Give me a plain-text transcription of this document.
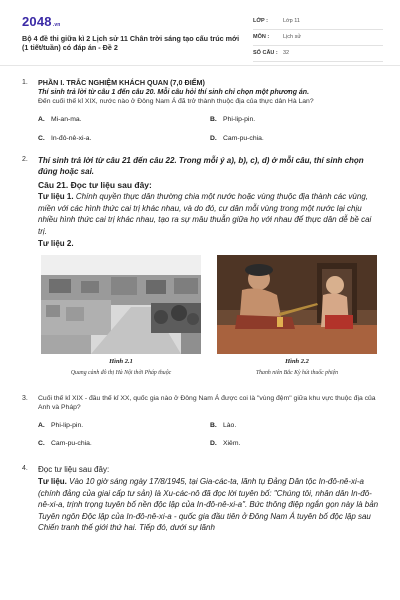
2048.vn
Bộ 4 đề thi giữa kì 2 Lịch sử 11 Chân trời sáng tạo cấu trúc mới (1 tiết/tuần) có đáp án - Đề 2
LỚP :	Lớp 11
MÔN :	Lịch sử
SỐ CÂU : 32
1. PHẦN I. TRẮC NGHIỆM KHÁCH QUAN (7,0 ĐIỂM)
Thí sinh trả lời từ câu 1 đến câu 20. Mỗi câu hỏi thí sinh chỉ chọn một phương án.
Đến cuối thế kỉ XIX, nước nào ở Đông Nam Á đã trở thành thuộc địa của thực dân Hà Lan?
A. Mi-an-ma.	B. Phi-lip-pin.
C. In-đô-nê-xi-a.	D. Cam-pu-chia.
2. Thí sinh trả lời từ câu 21 đến câu 22. Trong mỗi ý a), b), c), d) ở mỗi câu, thí sinh chọn đúng hoặc sai.
Câu 21. Đọc tư liệu sau đây:
Tư liệu 1. Chính quyền thực dân thường chia một nước hoặc vùng thuộc địa thành các vùng, miền với các hình thức cai trị khác nhau, và do đó, cư dân mỗi vùng trong một nước lại chịu nhiều hình thức cai trị khác nhau, tạo ra sự mâu thuẫn giữa họ với nhau để thực dân dễ bề cai trị.
Tư liệu 2.
Hình 2.1
Quang cảnh đô thị Hà Nội thời Pháp thuộc
Hình 2.2
Thanh niên Bắc Kỳ hút thuốc phiện
3. Cuối thế kỉ XIX - đầu thế kỉ XX, quốc gia nào ở Đông Nam Á được coi là "vùng đệm" giữa khu vực thuộc địa của Anh và Pháp?
A. Phi-lip-pin.	B. Lào.
C. Cam-pu-chia.	D. Xiêm.
4. Đọc tư liệu sau đây:
Tư liệu. Vào 10 giờ sáng ngày 17/8/1945, tại Gia-các-ta, lãnh tụ Đảng Dân tộc In-đô-nê-xi-a (chính đảng của giai cấp tư sản) là Xu-các-nô đã đọc lời tuyên bố: "Chúng tôi, nhân dân In-đô-nê-xi-a, trịnh trọng tuyên bố nền độc lập của In-đô-nê-xi-a". Bức thông điệp ngắn gọn này là bản Tuyên ngôn Độc lập của In-đô-nê-xi-a - quốc gia đầu tiên ở Đông Nam Á tuyên bố độc lập sau Chiến tranh thế giới thứ hai. Tiếp đó, dưới sự lãnh
